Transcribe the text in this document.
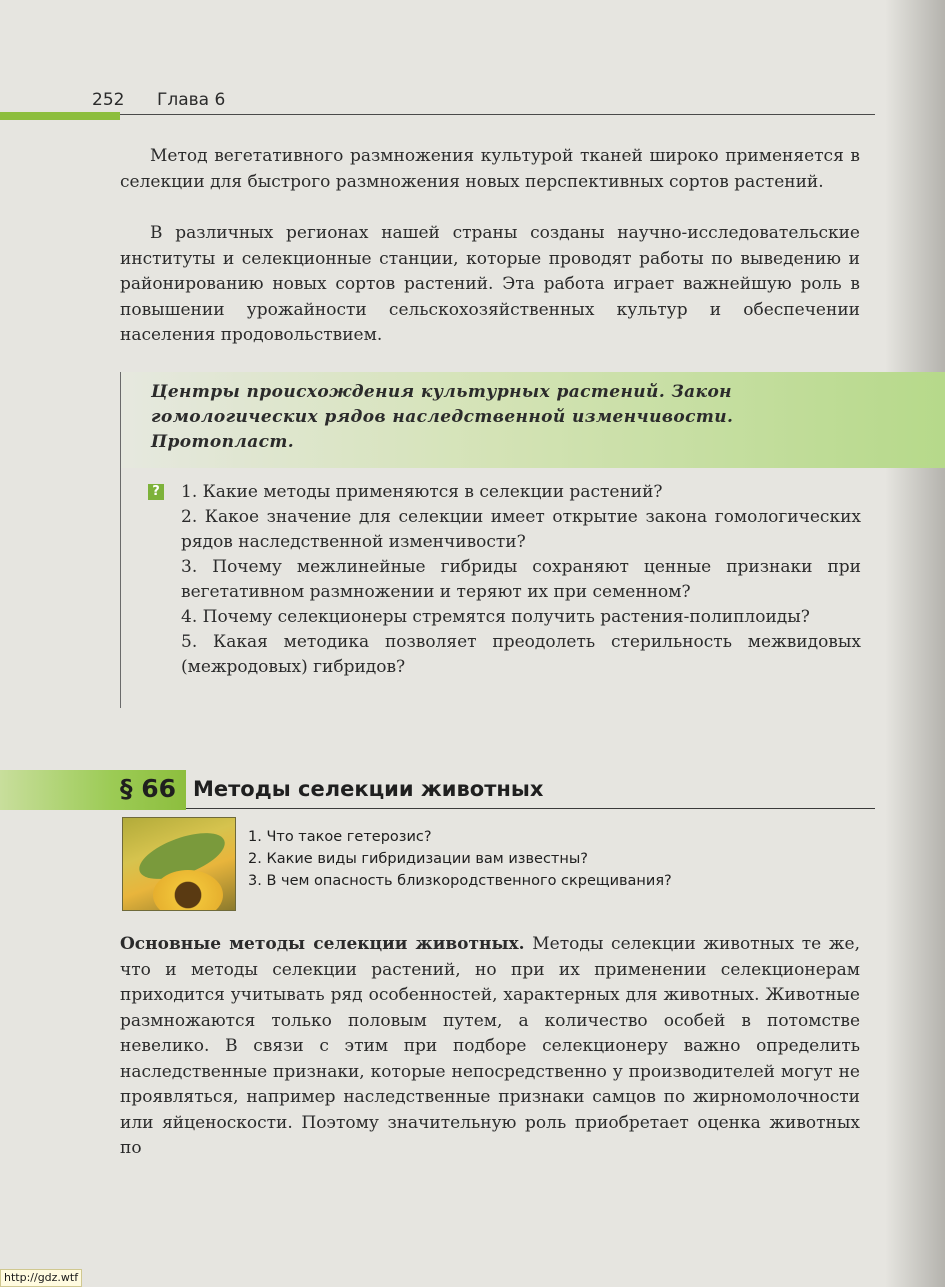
252 Глава 6

Метод вегетативного размножения культурой тканей широко применяется в селекции для быстрого размножения новых перспективных сортов растений.

В различных регионах нашей страны созданы научно-исследовательские институты и селекционные станции, которые проводят работы по выведению и районированию новых сортов растений. Эта работа играет важнейшую роль в повышении урожайности сельскохозяйственных культур и обеспечении населения продовольствием.

Центры происхождения культурных растений. Закон
гомологических рядов наследственной изменчивости.
Протопласт.

? 1. Какие методы применяются в селекции растений?
2. Какое значение для селекции имеет открытие закона гомологических рядов наследственной изменчивости?
3. Почему межлинейные гибриды сохраняют ценные признаки при вегетативном размножении и теряют их при семенном?
4. Почему селекционеры стремятся получить растения-полиплоиды?
5. Какая методика позволяет преодолеть стерильность межвидовых (межродовых) гибридов?
§ 66 Методы селекции животных
1. Что такое гетерозис?
2. Какие виды гибридизации вам известны?
3. В чем опасность близкородственного скрещивания?

Основные методы селекции животных. Методы селекции животных те же, что и методы селекции растений, но при их применении селекционерам приходится учитывать ряд особенностей, характерных для животных. Животные размножаются только половым путем, а количество особей в потомстве невелико. В связи с этим при подборе селекционеру важно определить наследственные признаки, которые непосредственно у производителей могут не проявляться, например наследственные признаки самцов по жирномолочности или яйценоскости. Поэтому значительную роль приобретает оценка животных по

http://gdz.wtf
